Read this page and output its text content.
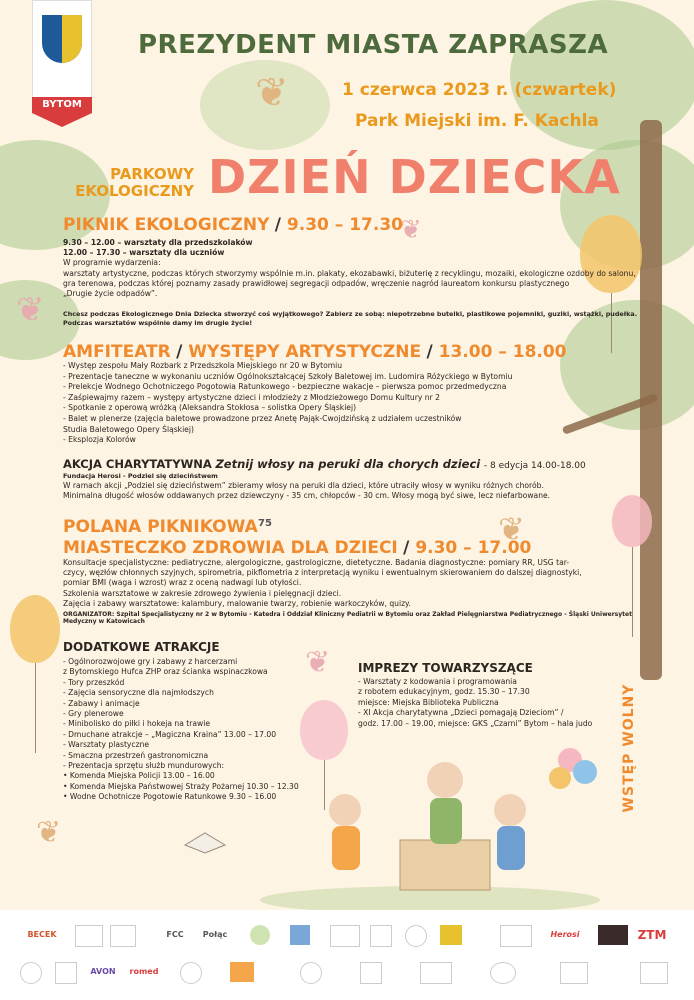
❦
❦
❦
❦
❦
❦
BYTOM
PREZYDENT MIASTA ZAPRASZA
1 czerwca 2023 r. (czwartek)
Park Miejski im. F. Kachla
PARKOWY
EKOLOGICZNY DZIEŃ DZIECKA
PIKNIK EKOLOGICZNY / 9.30 – 17.30
9.30 – 12.00 – warsztaty dla przedszkolaków
12.00 – 17.30 – warsztaty dla uczniów
W programie wydarzenia:
warsztaty artystyczne, podczas których stworzymy wspólnie m.in. plakaty, ekozabawki, biżuterię z recyklingu, mozaiki, ekologiczne ozdoby do salonu,
gra terenowa, podczas której poznamy zasady prawidłowej segregacji odpadów, wręczenie nagród laureatom konkursu plastycznego
„Drugie życie odpadów”.
Chcesz podczas Ekologicznego Dnia Dziecka stworzyć coś wyjątkowego? Zabierz ze sobą: niepotrzebne butelki, plastikowe pojemniki, guziki, wstążki, pudełka.
Podczas warsztatów wspólnie damy im drugie życie!
AMFITEATR / WYSTĘPY ARTYSTYCZNE / 13.00 – 18.00
- Występ zespołu Mały Rozbark z Przedszkola Miejskiego nr 20 w Bytomiu
- Prezentacje taneczne w wykonaniu uczniów Ogólnokształcącej Szkoły Baletowej im. Ludomira Różyckiego w Bytomiu
- Prelekcje Wodnego Ochotniczego Pogotowia Ratunkowego - bezpieczne wakacje – pierwsza pomoc przedmedyczna
- Zaśpiewajmy razem – występy artystyczne dzieci i młodzieży z Młodzieżowego Domu Kultury nr 2
- Spotkanie z operową wróżką (Aleksandra Stokłosa – solistka Opery Śląskiej)
- Balet w plenerze (zajęcia baletowe prowadzone przez Anetę Pająk-Cwojdzińską z udziałem uczestników
Studia Baletowego Opery Śląskiej)
- Eksplozja Kolorów
AKCJA CHARYTATYWNA Zetnij włosy na peruki dla chorych dzieci - 8 edycja 14.00-18.00
Fundacja Herosi - Podziel się dzieciństwem
W ramach akcji „Podziel się dzieciństwem” zbieramy włosy na peruki dla dzieci, które utraciły włosy w wyniku różnych chorób.
Minimalna długość włosów oddawanych przez dziewczyny - 35 cm, chłopców - 30 cm. Włosy mogą być siwe, lecz niefarbowane.
POLANA PIKNIKOWA 75
MIASTECZKO ZDROWIA DLA DZIECI / 9.30 – 17.00
Konsultacje specjalistyczne: pediatryczne, alergologiczne, gastrologiczne, dietetyczne. Badania diagnostyczne: pomiary RR, USG tar-
czycy, węzłów chłonnych szyjnych, spirometria, pikflometria z interpretacją wyniku i ewentualnym skierowaniem do dalszej diagnostyki,
pomiar BMI (waga i wzrost) wraz z oceną nadwagi lub otyłości.
Szkolenia warsztatowe w zakresie zdrowego żywienia i pielęgnacji dzieci.
Zajęcia i zabawy warsztatowe: kalambury, malowanie twarzy, robienie warkoczyków, quizy.
ORGANIZATOR: Szpital Specjalistyczny nr 2 w Bytomiu - Katedra i Oddział Kliniczny Pediatrii w Bytomiu oraz Zakład Pielęgniarstwa Pediatrycznego - Śląski Uniwersytet Medyczny w Katowicach
DODATKOWE ATRAKCJE
- Ogólnorozwojowe gry i zabawy z harcerzami
z Bytomskiego Hufca ZHP oraz ścianka wspinaczkowa
- Tory przeszkód
- Zajęcia sensoryczne dla najmłodszych
- Zabawy i animacje
- Gry plenerowe
- Minibolisko do piłki i hokeja na trawie
- Dmuchane atrakcje – „Magiczna Kraina” 13.00 – 17.00
- Warsztaty plastyczne
- Smaczna przestrzeń gastronomiczna
- Prezentacja sprzętu służb mundurowych:
• Komenda Miejska Policji 13.00 – 16.00
• Komenda Miejska Państwowej Straży Pożarnej 10.30 – 12.30
• Wodne Ochotnicze Pogotowie Ratunkowe 9.30 – 16.00
IMPREZY TOWARZYSZĄCE
- Warsztaty z kodowania i programowania
z robotem edukacyjnym, godz. 15.30 – 17.30
miejsce: Miejska Biblioteka Publiczna
- XI Akcja charytatywna „Dzieci pomagają Dzieciom” /
godz. 17.00 – 19.00, miejsce: GKS „Czarni” Bytom – hala judo	WSTĘP WOLNY
BECEK	FCC	Połąc	Herosi	ZTM
AVON	romed
